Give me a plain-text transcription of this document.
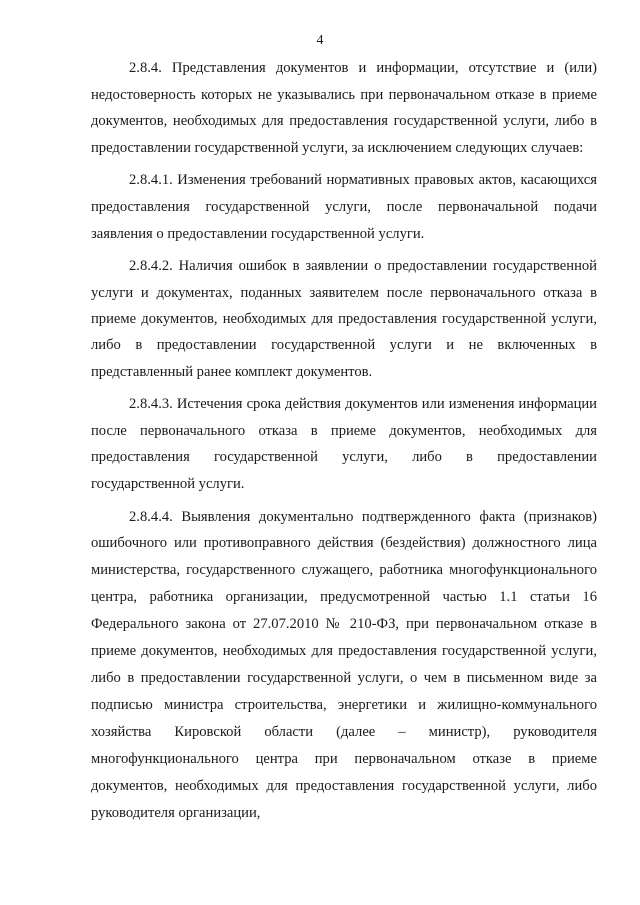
4

2.8.4. Представления документов и информации, отсутствие и (или) недостоверность которых не указывались при первоначальном отказе в приеме документов, необходимых для предоставления государственной услуги, либо в предоставлении государственной услуги, за исключением следующих случаев:

2.8.4.1. Изменения требований нормативных правовых актов, касающихся предоставления государственной услуги, после первоначальной подачи заявления о предоставлении государственной услуги.

2.8.4.2. Наличия ошибок в заявлении о предоставлении государственной услуги и документах, поданных заявителем после первоначального отказа в приеме документов, необходимых для предоставления государственной услуги, либо в предоставлении государственной услуги и не включенных в представленный ранее комплект документов.

2.8.4.3. Истечения срока действия документов или изменения информации после первоначального отказа в приеме документов, необходимых для предоставления государственной услуги, либо в предоставлении государственной услуги.

2.8.4.4. Выявления документально подтвержденного факта (признаков) ошибочного или противоправного действия (бездействия) должностного лица министерства, государственного служащего, работника многофункционального центра, работника организации, предусмотренной частью 1.1 статьи 16 Федерального закона от 27.07.2010 № 210-ФЗ, при первоначальном отказе в приеме документов, необходимых для предоставления государственной услуги, либо в предоставлении государственной услуги, о чем в письменном виде за подписью министра строительства, энергетики и жилищно-коммунального хозяйства Кировской области (далее – министр), руководителя многофункционального центра при первоначальном отказе в приеме документов, необходимых для предоставления государственной услуги, либо руководителя организации,
